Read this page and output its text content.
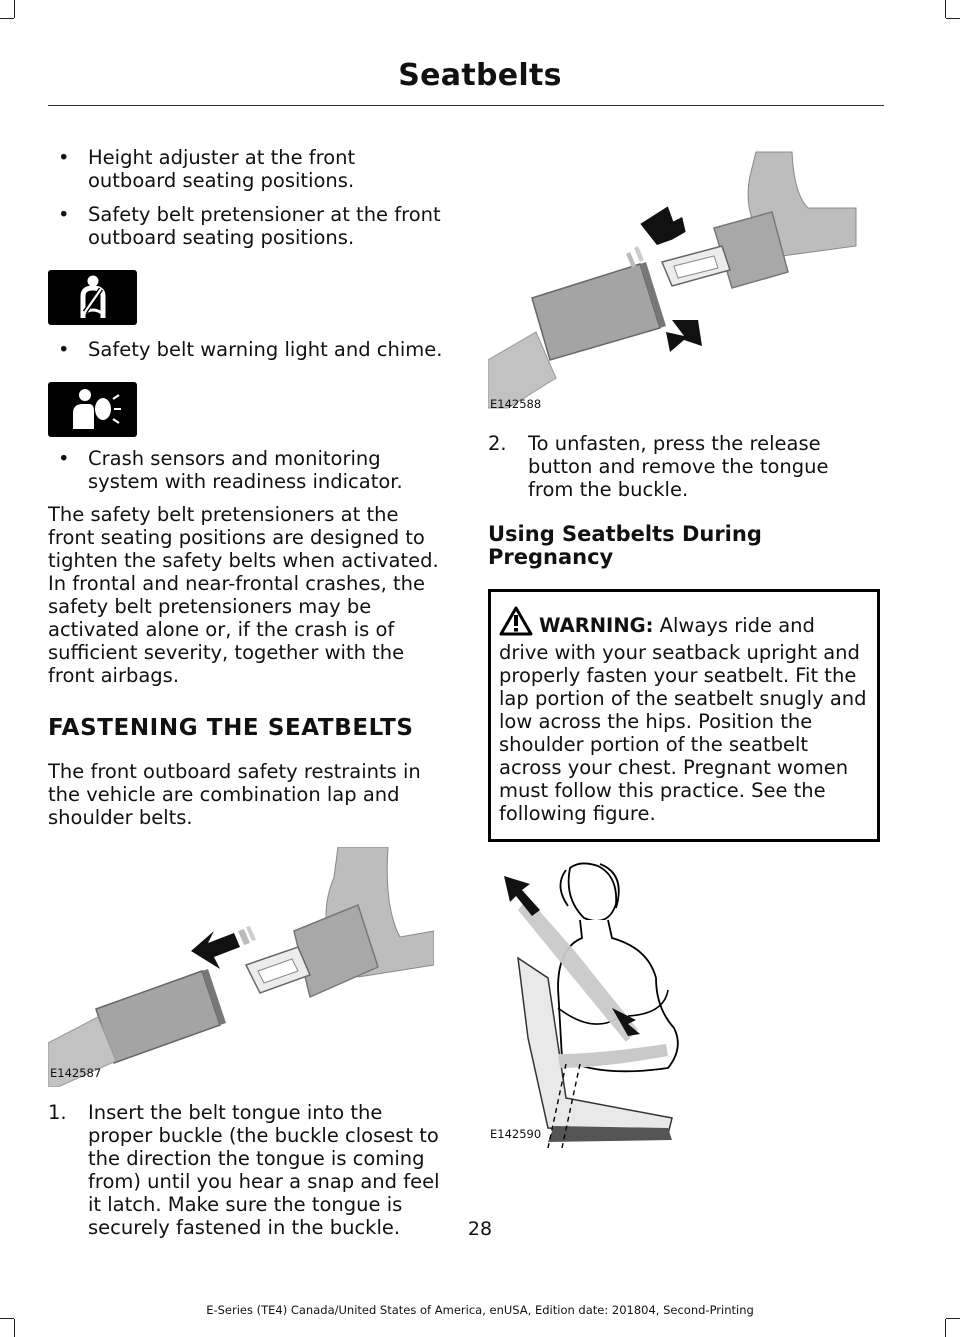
Seatbelts
• Height adjuster at the front outboard seating positions.
• Safety belt pretensioner at the front outboard seating positions.
• Safety belt warning light and chime.
• Crash sensors and monitoring system with readiness indicator.

The safety belt pretensioners at the front seating positions are designed to tighten the safety belts when activated. In frontal and near-frontal crashes, the safety belt pretensioners may be activated alone or, if the crash is of sufficient severity, together with the front airbags.

FASTENING THE SEATBELTS

The front outboard safety restraints in the vehicle are combination lap and shoulder belts.

E142587
1. Insert the belt tongue into the proper buckle (the buckle closest to the direction the tongue is coming from) until you hear a snap and feel it latch. Make sure the tongue is securely fastened in the buckle.
E142588
2. To unfasten, press the release button and remove the tongue from the buckle.

Using Seatbelts During Pregnancy

WARNING: Always ride and drive with your seatback upright and properly fasten your seatbelt. Fit the lap portion of the seatbelt snugly and low across the hips. Position the shoulder portion of the seatbelt across your chest. Pregnant women must follow this practice. See the following figure.
E142590
28
E-Series (TE4) Canada/United States of America, enUSA, Edition date: 201804, Second-Printing
